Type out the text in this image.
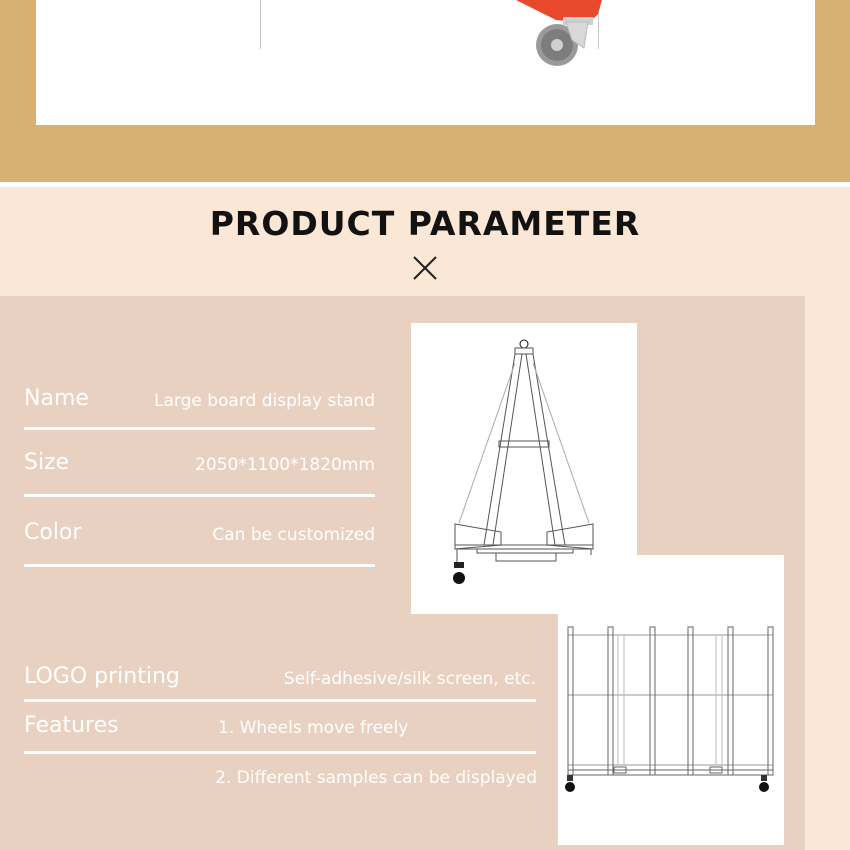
PRODUCT PARAMETER
Name	Large board display stand
Size	2050*1100*1820mm
Color	Can be customized
LOGO printing	Self-adhesive/silk screen, etc.
Features	1. Wheels move freely
2. Different samples can be displayed
